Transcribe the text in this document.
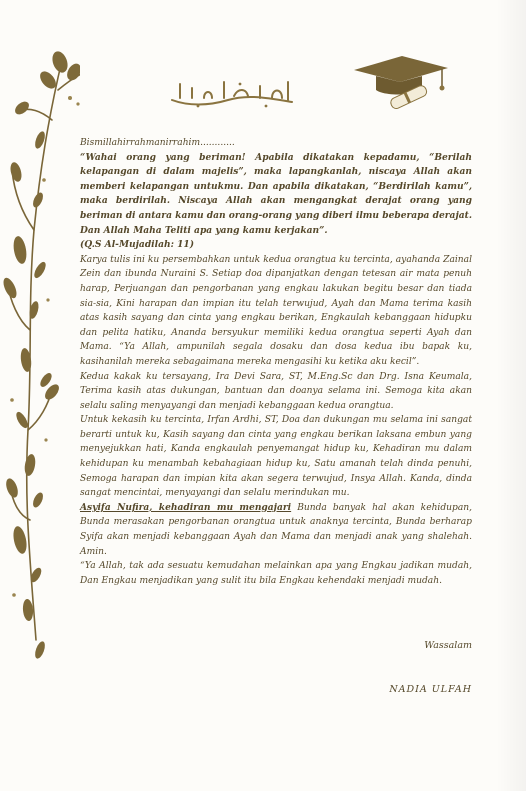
Bismillahirrahmanirrahim............

“Wahai orang yang beriman! Apabila dikatakan kepadamu, “Berilah kelapangan di dalam majelis”, maka lapangkanlah, niscaya Allah akan memberi kelapangan untukmu. Dan apabila dikatakan, “Berdirilah kamu”, maka berdirilah. Niscaya Allah akan mengangkat derajat orang yang beriman di antara kamu dan orang-orang yang diberi ilmu beberapa derajat. Dan Allah Maha Teliti apa yang kamu kerjakan”.

(Q.S Al-Mujadilah: 11)

Karya tulis ini ku persembahkan untuk kedua orangtua ku tercinta, ayahanda Zainal Zein dan ibunda Nuraini S. Setiap doa dipanjatkan dengan tetesan air mata penuh harap, Perjuangan dan pengorbanan yang engkau lakukan begitu besar dan tiada sia-sia, Kini harapan dan impian itu telah terwujud, Ayah dan Mama terima kasih atas kasih sayang dan cinta yang engkau berikan, Engkaulah kebanggaan hidupku dan pelita hatiku, Ananda bersyukur memiliki kedua orangtua seperti Ayah dan Mama. “Ya Allah, ampunilah segala dosaku dan dosa kedua ibu bapak ku, kasihanilah mereka sebagaimana mereka mengasihi ku ketika aku kecil”.

Kedua kakak ku tersayang, Ira Devi Sara, ST, M.Eng.Sc dan Drg. Isna Keumala, Terima kasih atas dukungan, bantuan dan doanya selama ini. Semoga kita akan selalu saling menyayangi dan menjadi kebanggaan kedua orangtua.

Untuk kekasih ku tercinta, Irfan Ardhi, ST, Doa dan dukungan mu selama ini sangat berarti untuk ku, Kasih sayang dan cinta yang engkau berikan laksana embun yang menyejukkan hati, Kanda engkaulah penyemangat hidup ku, Kehadiran mu dalam kehidupan ku menambah kebahagiaan hidup ku, Satu amanah telah dinda penuhi, Semoga harapan dan impian kita akan segera terwujud, Insya Allah. Kanda, dinda sangat mencintai, menyayangi dan selalu merindukan mu.

Asyifa Nufira, kehadiran mu mengajari Bunda banyak hal akan kehidupan, Bunda merasakan pengorbanan orangtua untuk anaknya tercinta, Bunda berharap Syifa akan menjadi kebanggaan Ayah dan Mama dan menjadi anak yang shalehah. Amin.

“Ya Allah, tak ada sesuatu kemudahan melainkan apa yang Engkau jadikan mudah, Dan Engkau menjadikan yang sulit itu bila Engkau kehendaki menjadi mudah.

Wassalam
NADIA ULFAH
